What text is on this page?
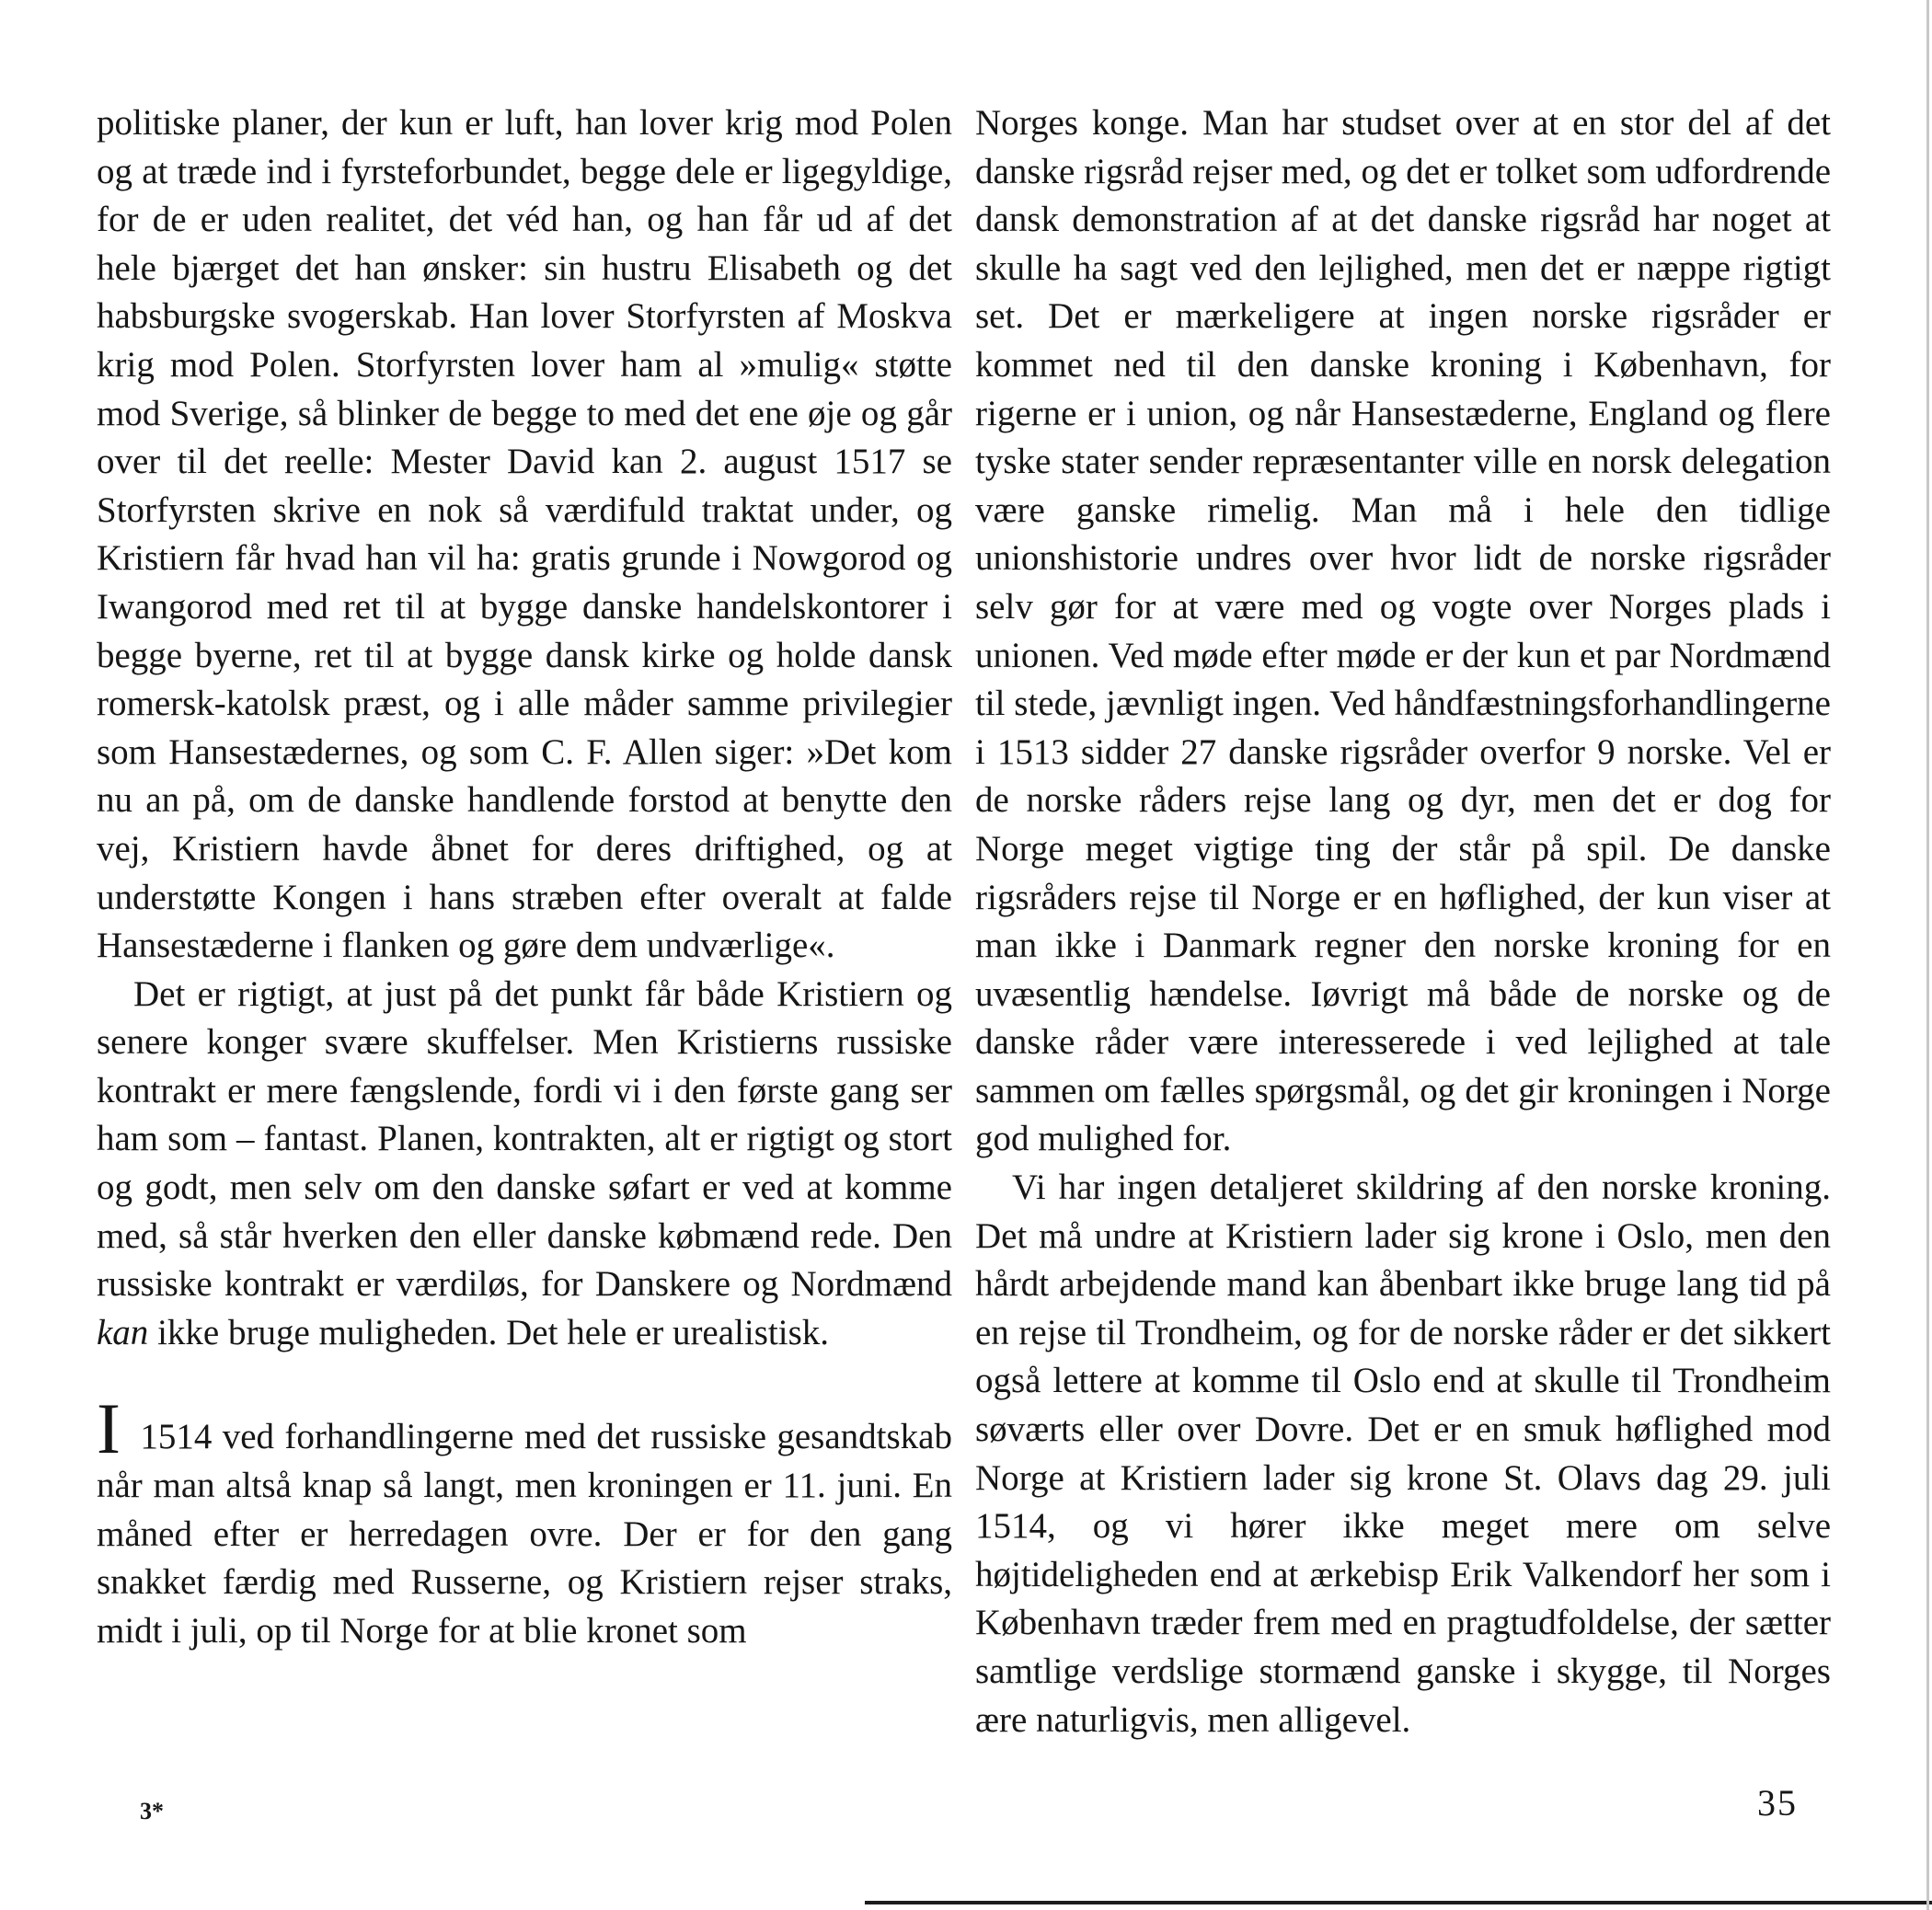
politiske planer, der kun er luft, han lover krig mod Polen og at træde ind i fyrsteforbundet, begge dele er ligegyldige, for de er uden realitet, det véd han, og han får ud af det hele bjærget det han ønsker: sin hustru Elisabeth og det habsburgske svogerskab. Han lover Storfyrsten af Moskva krig mod Polen. Storfyrsten lover ham al »mulig« støtte mod Sverige, så blinker de begge to med det ene øje og går over til det reelle: Mester David kan 2. august 1517 se Storfyrsten skrive en nok så værdifuld traktat under, og Kristiern får hvad han vil ha: gratis grunde i Nowgorod og Iwangorod med ret til at bygge danske handelskontorer i begge byerne, ret til at bygge dansk kirke og holde dansk romersk-katolsk præst, og i alle måder samme privilegier som Hansestædernes, og som C. F. Allen siger: »Det kom nu an på, om de danske handlende forstod at benytte den vej, Kristiern havde åbnet for deres driftighed, og at understøtte Kongen i hans stræben efter overalt at falde Hansestæderne i flanken og gøre dem undværlige«.

Det er rigtigt, at just på det punkt får både Kristiern og senere konger svære skuffelser. Men Kristierns russiske kontrakt er mere fængslende, fordi vi i den første gang ser ham som – fantast. Planen, kontrakten, alt er rigtigt og stort og godt, men selv om den danske søfart er ved at komme med, så står hverken den eller danske købmænd rede. Den russiske kontrakt er værdiløs, for Danskere og Nordmænd kan ikke bruge muligheden. Det hele er urealistisk.

I 1514 ved forhandlingerne med det russiske gesandtskab når man altså knap så langt, men kroningen er 11. juni. En måned efter er herredagen ovre. Der er for den gang snakket færdig med Russerne, og Kristiern rejser straks, midt i juli, op til Norge for at blie kronet som

Norges konge. Man har studset over at en stor del af det danske rigsråd rejser med, og det er tolket som udfordrende dansk demonstration af at det danske rigsråd har noget at skulle ha sagt ved den lejlighed, men det er næppe rigtigt set. Det er mærkeligere at ingen norske rigsråder er kommet ned til den danske kroning i København, for rigerne er i union, og når Hansestæderne, England og flere tyske stater sender repræsentanter ville en norsk delegation være ganske rimelig. Man må i hele den tidlige unionshistorie undres over hvor lidt de norske rigsråder selv gør for at være med og vogte over Norges plads i unionen. Ved møde efter møde er der kun et par Nordmænd til stede, jævnligt ingen. Ved håndfæstningsforhandlingerne i 1513 sidder 27 danske rigsråder overfor 9 norske. Vel er de norske råders rejse lang og dyr, men det er dog for Norge meget vigtige ting der står på spil. De danske rigsråders rejse til Norge er en høflighed, der kun viser at man ikke i Danmark regner den norske kroning for en uvæsentlig hændelse. Iøvrigt må både de norske og de danske råder være interesserede i ved lejlighed at tale sammen om fælles spørgsmål, og det gir kroningen i Norge god mulighed for.

Vi har ingen detaljeret skildring af den norske kroning. Det må undre at Kristiern lader sig krone i Oslo, men den hårdt arbejdende mand kan åbenbart ikke bruge lang tid på en rejse til Trondheim, og for de norske råder er det sikkert også lettere at komme til Oslo end at skulle til Trondheim søværts eller over Dovre. Det er en smuk høflighed mod Norge at Kristiern lader sig krone St. Olavs dag 29. juli 1514, og vi hører ikke meget mere om selve højtideligheden end at ærkebisp Erik Valkendorf her som i København træder frem med en pragtudfoldelse, der sætter samtlige verdslige stormænd ganske i skygge, til Norges ære naturligvis, men alligevel.

3*	35
